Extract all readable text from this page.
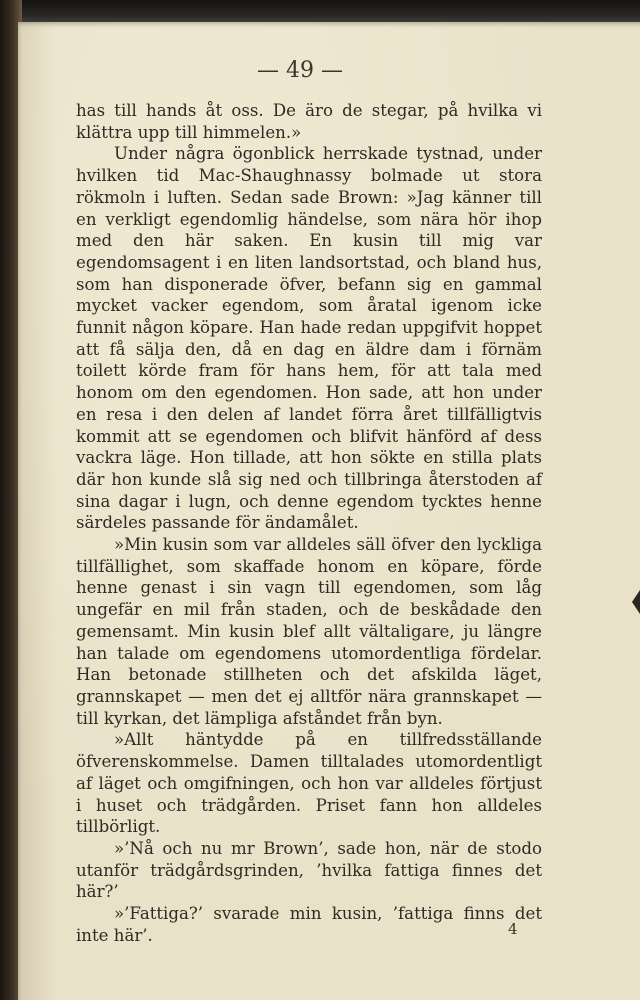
— 49 —

has till hands åt oss. De äro de stegar, på hvilka vi klättra upp till himmelen.»

Under några ögonblick herrskade tystnad, under hvilken tid Mac-Shaughnassy bolmade ut stora rökmoln i luften. Sedan sade Brown: »Jag känner till en verkligt egendomlig händelse, som nära hör ihop med den här saken. En kusin till mig var egendomsagent i en liten landsortstad, och bland hus, som han disponerade öfver, befann sig en gammal mycket vacker egendom, som åratal igenom icke funnit någon köpare. Han hade redan uppgifvit hoppet att få sälja den, då en dag en äldre dam i förnäm toilett körde fram för hans hem, för att tala med honom om den egendomen. Hon sade, att hon under en resa i den delen af landet förra året tillfälligtvis kommit att se egendomen och blifvit hänförd af dess vackra läge. Hon tillade, att hon sökte en stilla plats där hon kunde slå sig ned och tillbringa återstoden af sina dagar i lugn, och denne egendom tycktes henne särdeles passande för ändamålet.

»Min kusin som var alldeles säll öfver den lyckliga tillfällighet, som skaffade honom en köpare, förde henne genast i sin vagn till egendomen, som låg ungefär en mil från staden, och de beskådade den gemensamt. Min kusin blef allt vältaligare, ju längre han talade om egendomens utomordentliga fördelar. Han betonade stillheten och det afskilda läget, grannskapet — men det ej alltför nära grannskapet — till kyrkan, det lämpliga afståndet från byn.

»Allt häntydde på en tillfredsställande öfverenskommelse. Damen tilltalades utomordentligt af läget och omgifningen, och hon var alldeles förtjust i huset och trädgården. Priset fann hon alldeles tillbörligt.

»’Nå och nu mr Brown’, sade hon, när de stodo utanför trädgårdsgrinden, ’hvilka fattiga finnes det här?’

»’Fattiga?’ svarade min kusin, ’fattiga finns det inte här’.	4
